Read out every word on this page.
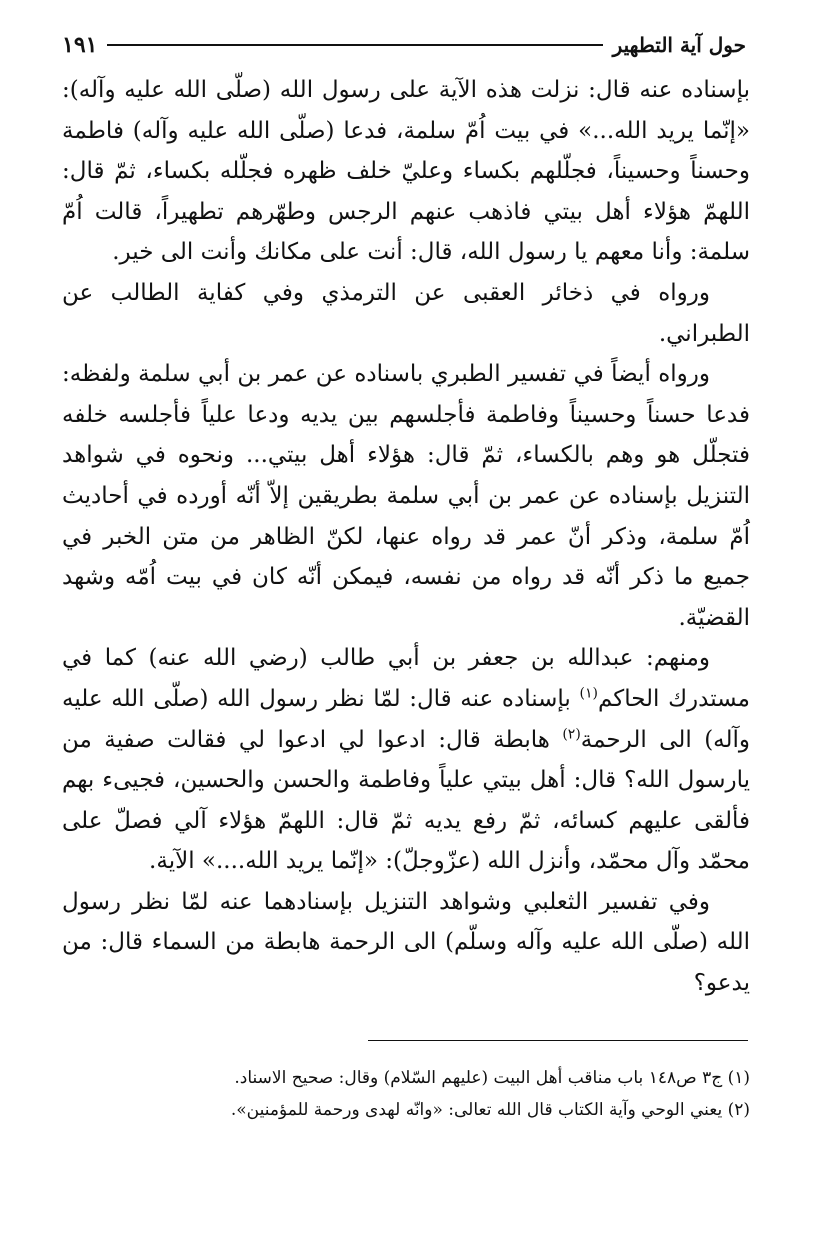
حول آية التطهير
١٩١

بإسناده عنه قال: نزلت هذه الآية على رسول الله (صلّى الله عليه وآله): «إنّما يريد الله...» في بيت اُمّ سلمة، فدعا (صلّى الله عليه وآله) فاطمة وحسناً وحسيناً، فجلّلهم بكساء وعليّ خلف ظهره فجلّله بكساء، ثمّ قال: اللهمّ هؤلاء أهل بيتي فاذهب عنهم الرجس وطهّرهم تطهيراً، قالت اُمّ سلمة: وأنا معهم يا رسول الله، قال: أنت على مكانك وأنت الى خير.

ورواه في ذخائر العقبى عن الترمذي وفي كفاية الطالب عن الطبراني.

ورواه أيضاً في تفسير الطبري باسناده عن عمر بن أبي سلمة ولفظه: فدعا حسناً وحسيناً وفاطمة فأجلسهم بين يديه ودعا علياً فأجلسه خلفه فتجلّل هو وهم بالكساء، ثمّ قال: هؤلاء أهل بيتي... ونحوه في شواهد التنزيل بإسناده عن عمر بن أبي سلمة بطريقين إلاّ أنّه أورده في أحاديث اُمّ سلمة، وذكر أنّ عمر قد رواه عنها، لكنّ الظاهر من متن الخبر في جميع ما ذكر أنّه قد رواه من نفسه، فيمكن أنّه كان في بيت اُمّه وشهد القضيّة.

ومنهم: عبدالله بن جعفر بن أبي طالب (رضي الله عنه) كما في مستدرك الحاكم$^{(١)}$ بإسناده عنه قال: لمّا نظر رسول الله (صلّى الله عليه وآله) الى الرحمة$^{(٢)}$ هابطة قال: ادعوا لي ادعوا لي فقالت صفية من يارسول الله؟ قال: أهل بيتي علياً وفاطمة والحسن والحسين، فجيىء بهم فألقى عليهم كسائه، ثمّ رفع يديه ثمّ قال: اللهمّ هؤلاء آلي فصلّ على محمّد وآل محمّد، وأنزل الله (عزّوجلّ): «إنّما يريد الله....» الآية.

وفي تفسير الثعلبي وشواهد التنزيل بإسنادهما عنه لمّا نظر رسول الله (صلّى الله عليه وآله وسلّم) الى الرحمة هابطة من السماء قال: من يدعو؟

(١) ج٣ ص١٤٨ باب مناقب أهل البيت (عليهم السّلام) وقال: صحيح الاسناد.

(٢) يعني الوحي وآية الكتاب قال الله تعالى: «وانّه لهدى ورحمة للمؤمنين».
